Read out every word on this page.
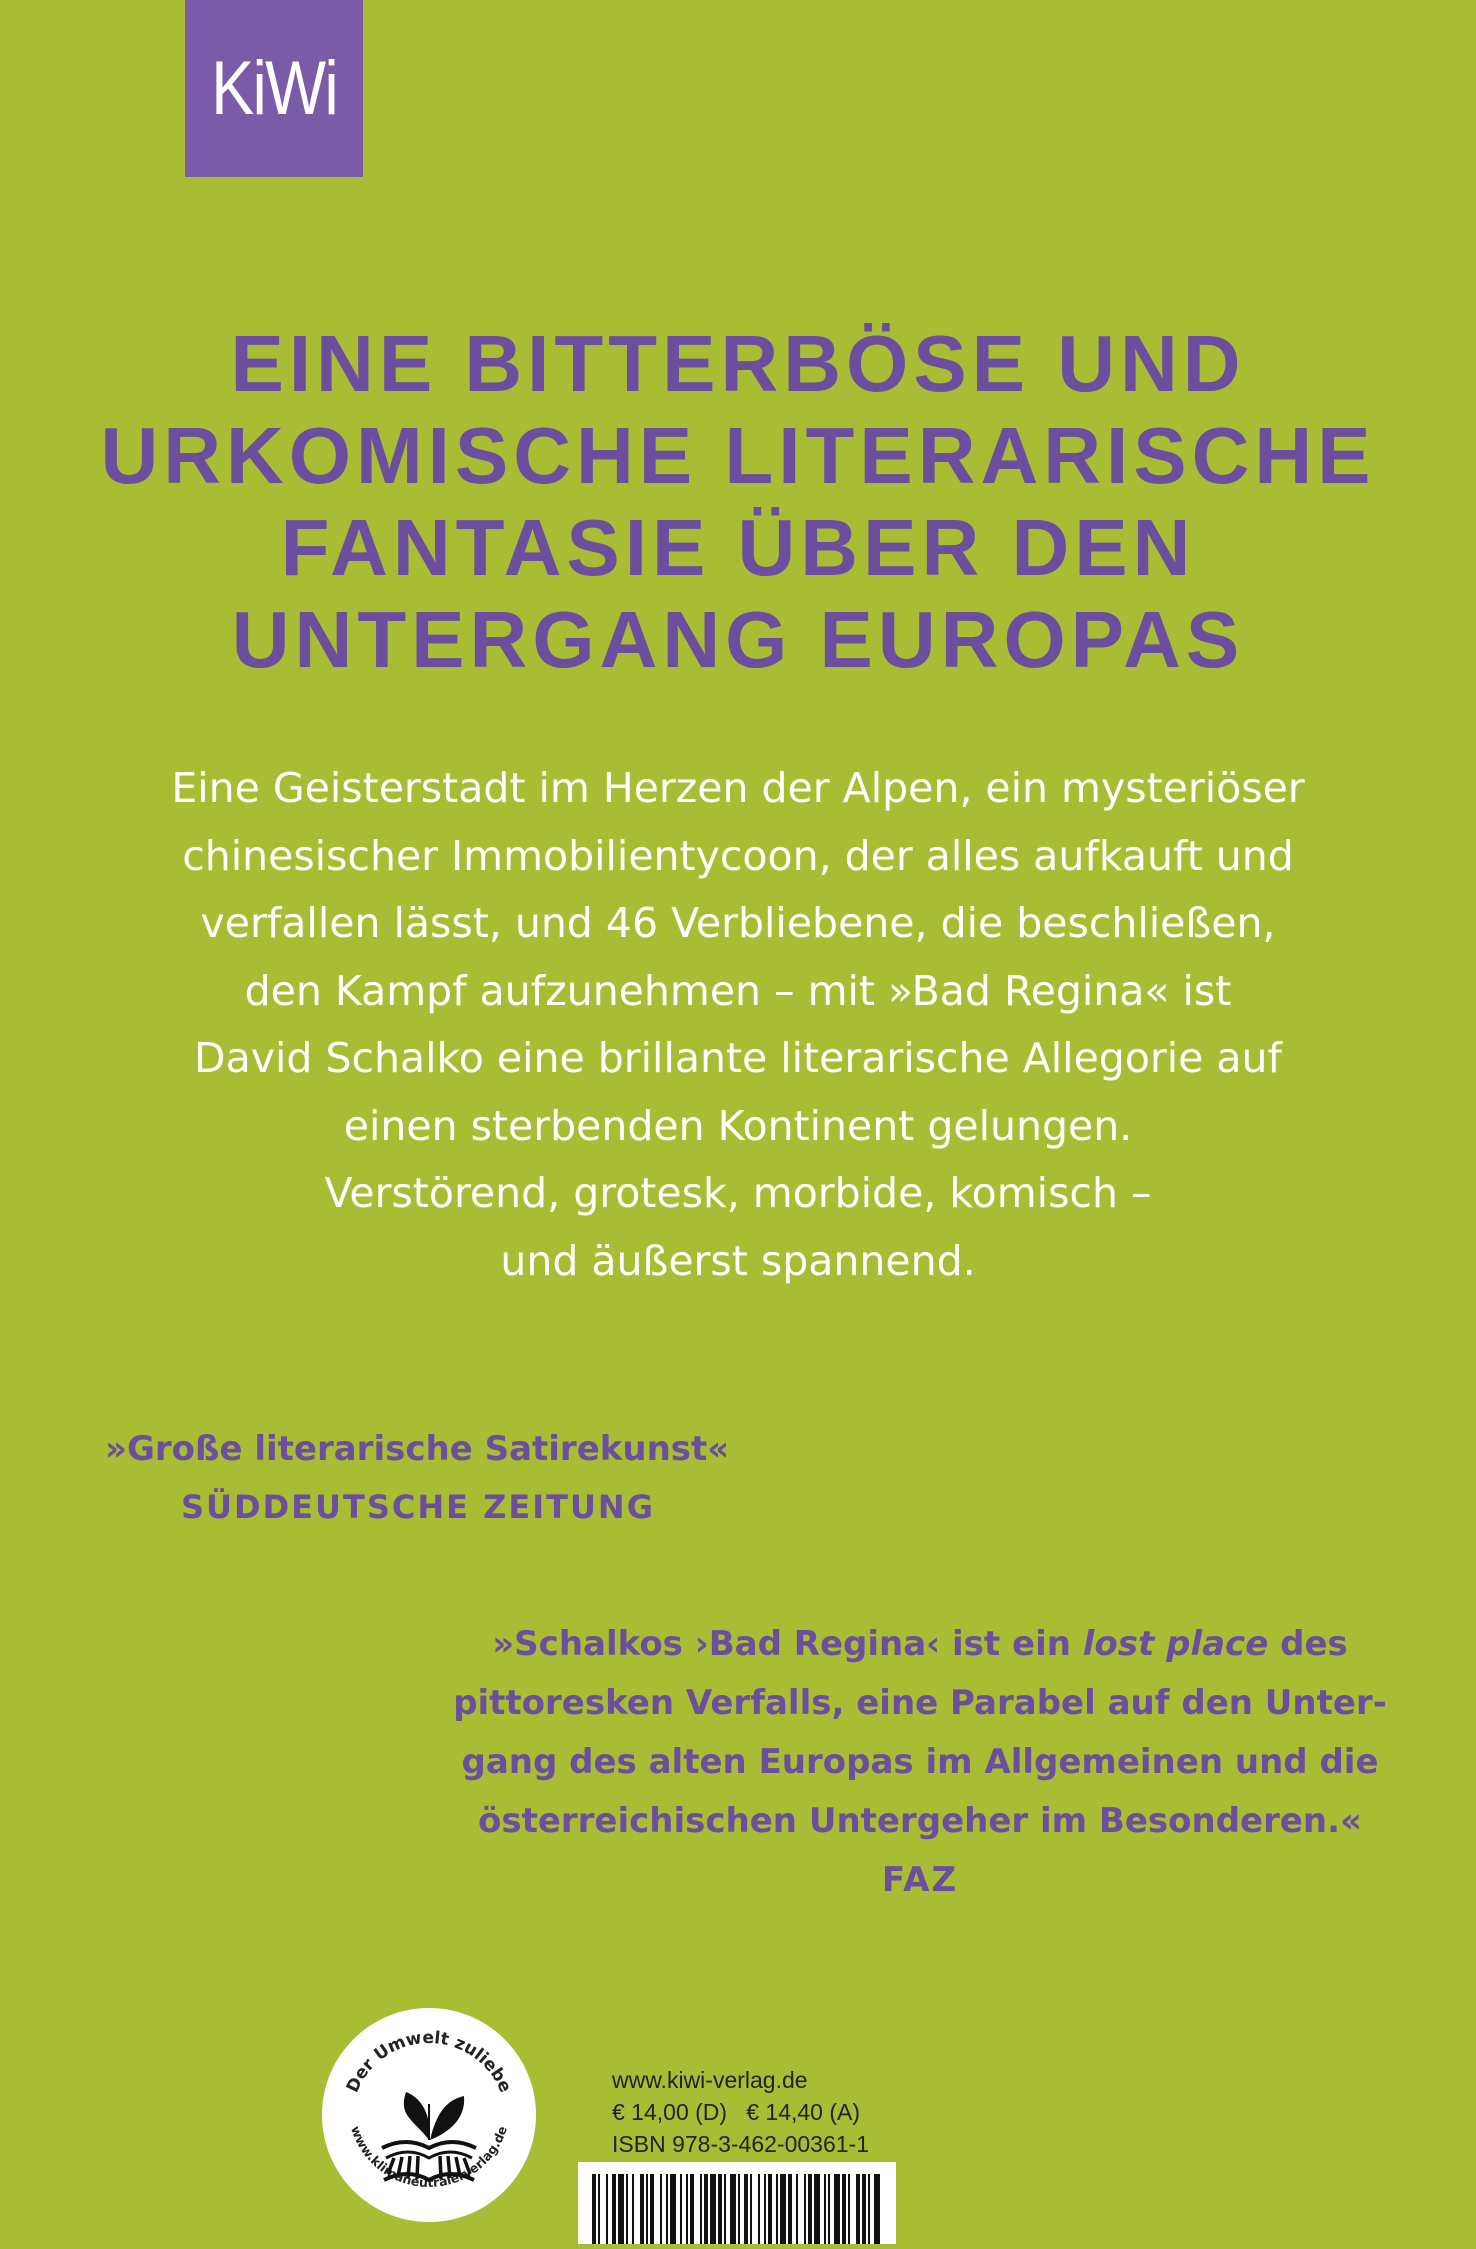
KiWi
EINE BITTERBÖSE UND
URKOMISCHE LITERARISCHE
FANTASIE ÜBER DEN
UNTERGANG EUROPAS
Eine Geisterstadt im Herzen der Alpen, ein mysteriöser
chinesischer Immobilientycoon, der alles aufkauft und
verfallen lässt, und 46 Verbliebene, die beschließen,
den Kampf aufzunehmen – mit »Bad Regina« ist
David Schalko eine brillante literarische Allegorie auf
einen sterbenden Kontinent gelungen.
Verstörend, grotesk, morbide, komisch –
und äußerst spannend.
»Große literarische Satirekunst«
SÜDDEUTSCHE ZEITUNG
»Schalkos ›Bad Regina‹ ist ein lost place des
pittoresken Verfalls, eine Parabel auf den Unter-
gang des alten Europas im Allgemeinen und die
österreichischen Untergeher im Besonderen.«
FAZ
Der Umwelt zuliebe
www.klimaneutralerverlag.de
www.kiwi-verlag.de
€ 14,00 (D)   € 14,40 (A)
ISBN 978-3-462-00361-1
